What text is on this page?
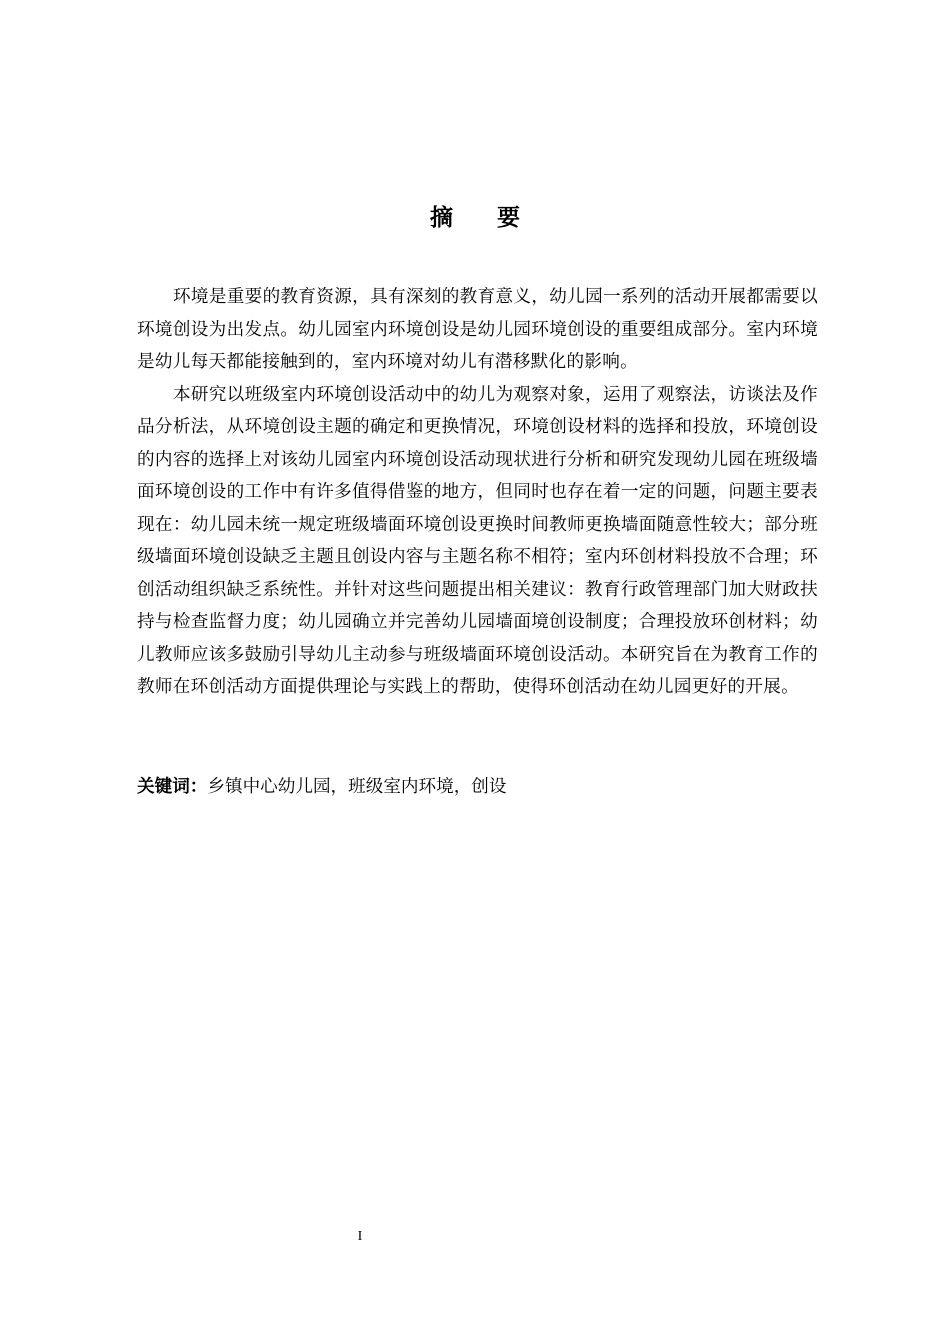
摘要

环境是重要的教育资源，具有深刻的教育意义，幼儿园一系列的活动开展都需要以环境创设为出发点。幼儿园室内环境创设是幼儿园环境创设的重要组成部分。室内环境是幼儿每天都能接触到的，室内环境对幼儿有潜移默化的影响。

本研究以班级室内环境创设活动中的幼儿为观察对象，运用了观察法，访谈法及作品分析法，从环境创设主题的确定和更换情况，环境创设材料的选择和投放，环境创设的内容的选择上对该幼儿园室内环境创设活动现状进行分析和研究发现幼儿园在班级墙面环境创设的工作中有许多值得借鉴的地方，但同时也存在着一定的问题，问题主要表现在：幼儿园未统一规定班级墙面环境创设更换时间教师更换墙面随意性较大；部分班级墙面环境创设缺乏主题且创设内容与主题名称不相符；室内环创材料投放不合理；环创活动组织缺乏系统性。并针对这些问题提出相关建议：教育行政管理部门加大财政扶持与检查监督力度；幼儿园确立并完善幼儿园墙面境创设制度；合理投放环创材料；幼儿教师应该多鼓励引导幼儿主动参与班级墙面环境创设活动。本研究旨在为教育工作的教师在环创活动方面提供理论与实践上的帮助，使得环创活动在幼儿园更好的开展。

关键词：乡镇中心幼儿园，班级室内环境，创设
I
